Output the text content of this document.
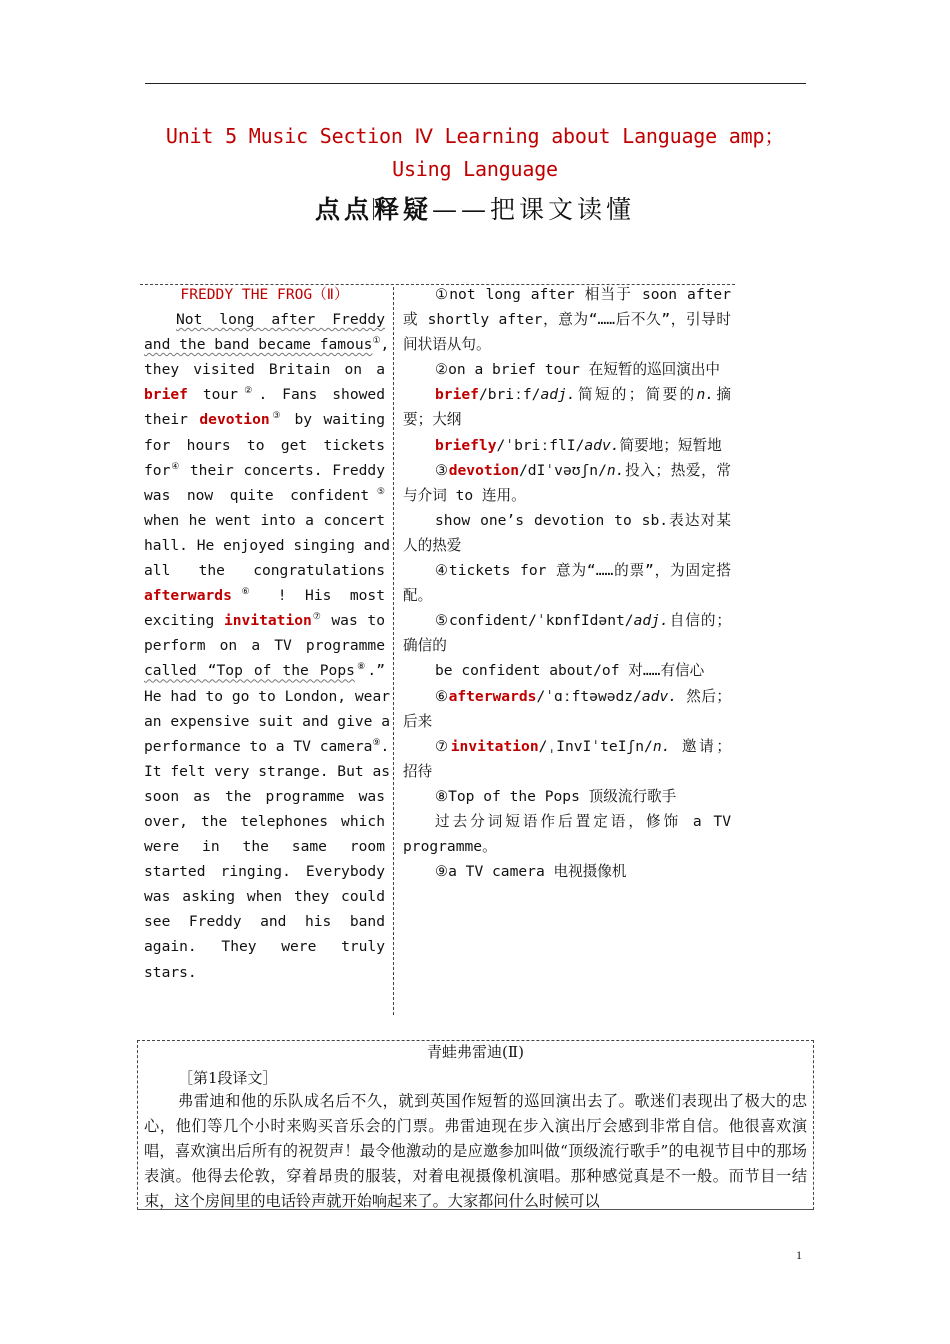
Unit 5 Music Section Ⅳ Learning about Language amp；Using Language
点点释疑——把课文读懂
FREDDY THE FROG（Ⅱ）
Not long after Freddy
and the band became famous①,
they visited Britain on a
brief tour②. Fans showed
their devotion③ by waiting
for hours to get tickets
for④ their concerts. Freddy
was now quite confident⑤
when he went into a concert
hall. He enjoyed singing and
all the congratulations
afterwards⑥ ! His most
exciting invitation⑦ was to
perform on a TV programme
called “Top of the Pops⑧.”
He had to go to London, wear
an expensive suit and give a
performance to a TV camera⑨.
It felt very strange. But as
soon as the programme was
over, the telephones which
were in the same room
started ringing. Everybody
was asking when they could
see Freddy and his band
again. They were truly
stars.

①not long after 相当于 soon after 或 shortly after，意为“……后不久”，引导时间状语从句。

②on a brief tour 在短暂的巡回演出中

brief/briːf/adj.简短的；简要的n.摘要；大纲

briefly/ˈbriːflI/adv.简要地；短暂地

③devotion/dIˈvəʊʃn/n.投入；热爱，常与介词 to 连用。

show one’s devotion to sb.表达对某人的热爱

④tickets for 意为“……的票”，为固定搭配。

⑤confident/ˈkɒnfIdənt/adj.自信的；确信的

be confident about/of 对……有信心

⑥afterwards/ˈɑːftəwədz/adv. 然后；后来

⑦invitation/ˌInvIˈteIʃn/n. 邀请；招待

⑧Top of the Pops 顶级流行歌手

过去分词短语作后置定语，修饰 a TV programme。

⑨a TV camera 电视摄像机

青蛙弗雷迪(Ⅱ)
［第1段译文］

弗雷迪和他的乐队成名后不久，就到英国作短暂的巡回演出去了。歌迷们表现出了极大的忠心，他们等几个小时来购买音乐会的门票。弗雷迪现在步入演出厅会感到非常自信。他很喜欢演唱，喜欢演出后所有的祝贺声！最令他激动的是应邀参加叫做“顶级流行歌手”的电视节目中的那场表演。他得去伦敦，穿着昂贵的服装，对着电视摄像机演唱。那种感觉真是不一般。而节目一结束，这个房间里的电话铃声就开始响起来了。大家都问什么时候可以

1
